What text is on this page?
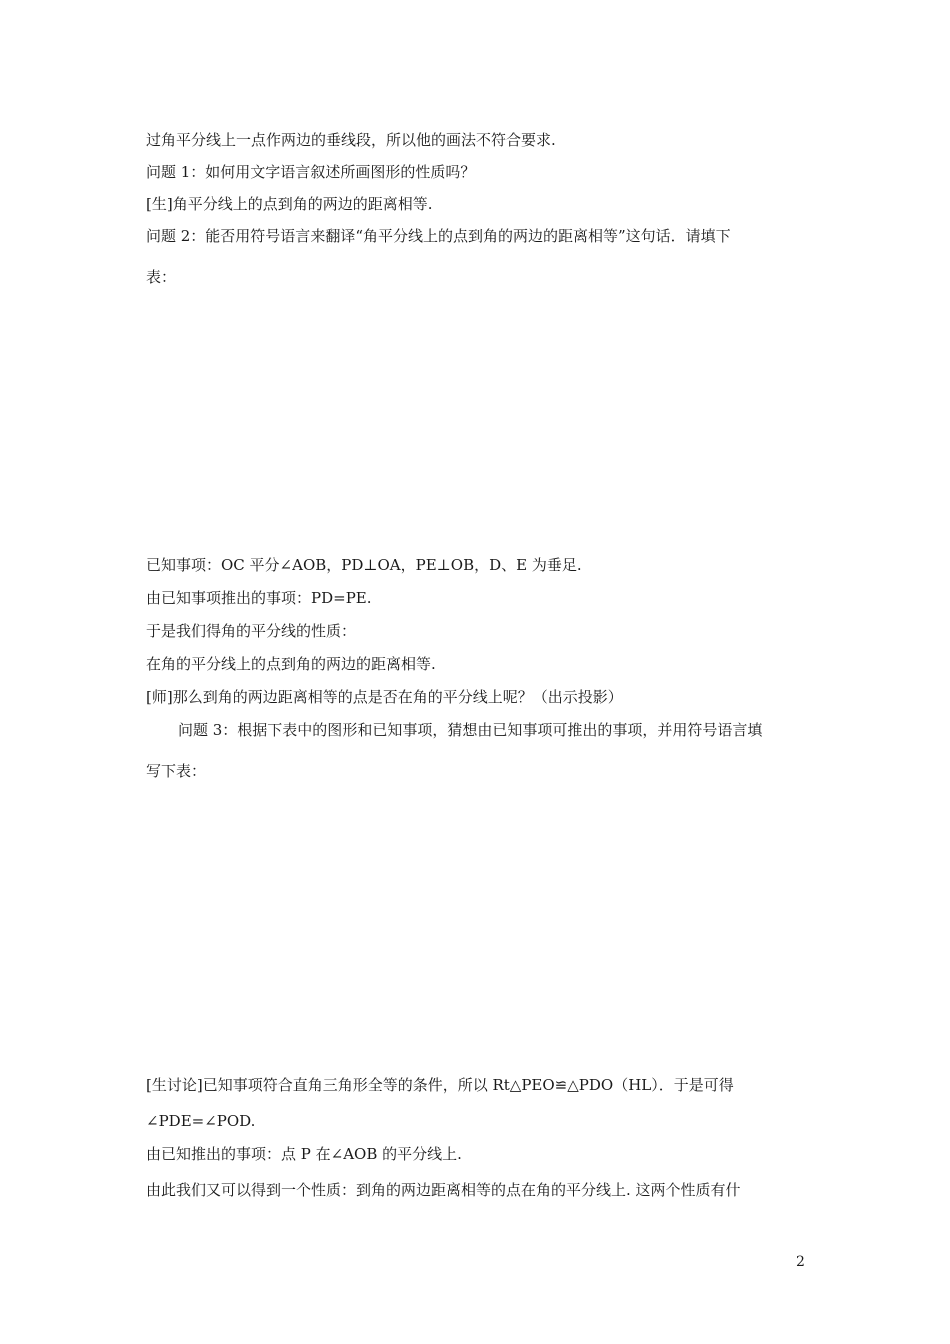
过角平分线上一点作两边的垂线段，所以他的画法不符合要求.
问题 1：如何用文字语言叙述所画图形的性质吗？
[生]角平分线上的点到角的两边的距离相等.
问题 2：能否用符号语言来翻译“角平分线上的点到角的两边的距离相等”这句话．请填下
表：
已知事项：OC 平分∠AOB，PD⊥OA，PE⊥OB，D、E 为垂足.
由已知事项推出的事项：PD=PE.
于是我们得角的平分线的性质：
在角的平分线上的点到角的两边的距离相等.
[师]那么到角的两边距离相等的点是否在角的平分线上呢？（出示投影）
问题 3：根据下表中的图形和已知事项，猜想由已知事项可推出的事项，并用符号语言填
写下表：
[生讨论]已知事项符合直角三角形全等的条件，所以 Rt△PEO≌△PDO（HL）．于是可得
∠PDE=∠POD.
由已知推出的事项：点 P 在∠AOB 的平分线上.
由此我们又可以得到一个性质：到角的两边距离相等的点在角的平分线上. 这两个性质有什
2
